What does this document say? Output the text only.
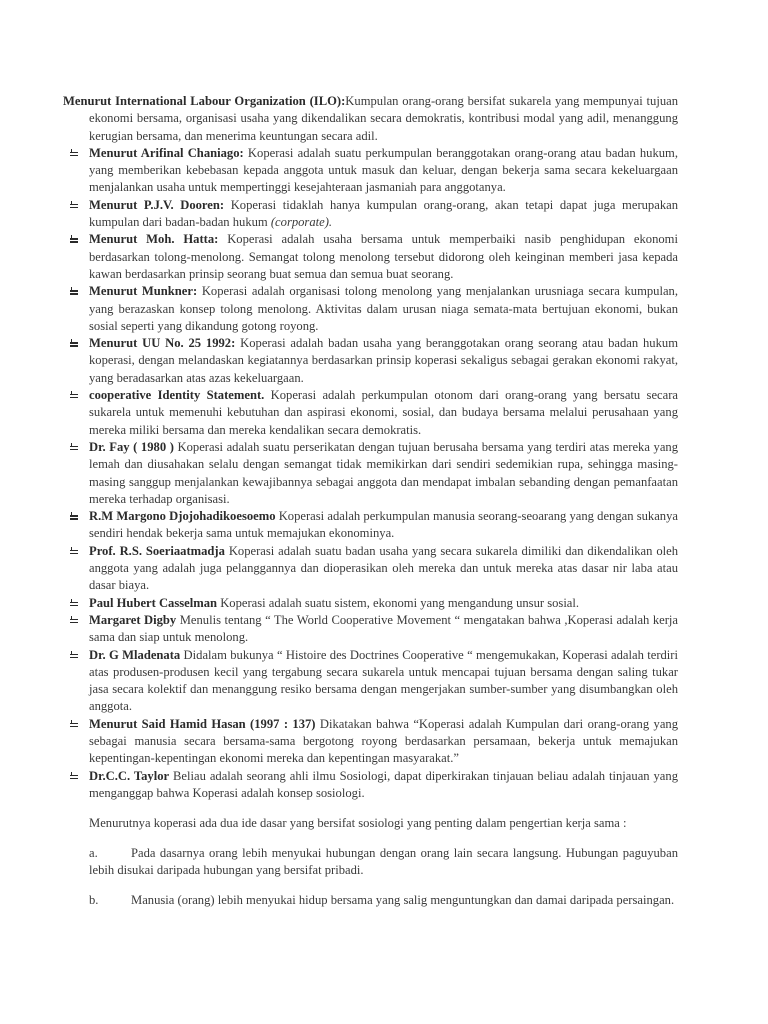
Menurut International Labour Organization (ILO):Kumpulan orang-orang bersifat sukarela yang mempunyai tujuan ekonomi bersama, organisasi usaha yang dikendalikan secara demokratis, kontribusi modal yang adil, menanggung kerugian bersama, dan menerima keuntungan secara adil.

Menurut Arifinal Chaniago: Koperasi adalah suatu perkumpulan beranggotakan orang-orang atau badan hukum, yang memberikan kebebasan kepada anggota untuk masuk dan keluar, dengan bekerja sama secara kekeluargaan menjalankan usaha untuk mempertinggi kesejahteraan jasmaniah para anggotanya.

Menurut P.J.V. Dooren: Koperasi tidaklah hanya kumpulan orang-orang, akan tetapi dapat juga merupakan kumpulan dari badan-badan hukum (corporate).

Menurut Moh. Hatta: Koperasi adalah usaha bersama untuk memperbaiki nasib penghidupan ekonomi berdasarkan tolong-menolong. Semangat tolong menolong tersebut didorong oleh keinginan memberi jasa kepada kawan berdasarkan prinsip seorang buat semua dan semua buat seorang.

Menurut Munkner: Koperasi adalah organisasi tolong menolong yang menjalankan urusniaga secara kumpulan, yang berazaskan konsep tolong menolong. Aktivitas dalam urusan niaga semata-mata bertujuan ekonomi, bukan sosial seperti yang dikandung gotong royong.

Menurut UU No. 25 1992: Koperasi adalah badan usaha yang beranggotakan orang seorang atau badan hukum koperasi, dengan melandaskan kegiatannya berdasarkan prinsip koperasi sekaligus sebagai gerakan ekonomi rakyat, yang beradasarkan atas azas kekeluargaan.

cooperative Identity Statement. Koperasi adalah perkumpulan otonom dari orang-orang yang bersatu secara sukarela untuk memenuhi kebutuhan dan aspirasi ekonomi, sosial, dan budaya bersama melalui perusahaan yang mereka miliki bersama dan mereka kendalikan secara demokratis.

Dr. Fay ( 1980 ) Koperasi adalah suatu perserikatan dengan tujuan berusaha bersama yang terdiri atas mereka yang lemah dan diusahakan selalu dengan semangat tidak memikirkan dari sendiri sedemikian rupa, sehingga masing-masing sanggup menjalankan kewajibannya sebagai anggota dan mendapat imbalan sebanding dengan pemanfaatan mereka terhadap organisasi.

R.M Margono Djojohadikoesoemo Koperasi adalah perkumpulan manusia seorang-seoarang yang dengan sukanya sendiri hendak bekerja sama untuk memajukan ekonominya.

Prof. R.S. Soeriaatmadja Koperasi adalah suatu badan usaha yang secara sukarela dimiliki dan dikendalikan oleh anggota yang adalah juga pelanggannya dan dioperasikan oleh mereka dan untuk mereka atas dasar nir laba atau dasar biaya.

Paul Hubert Casselman Koperasi adalah suatu sistem, ekonomi yang mengandung unsur sosial.

Margaret Digby Menulis tentang “ The World Cooperative Movement “ mengatakan bahwa ,Koperasi adalah kerja sama dan siap untuk menolong.

Dr. G Mladenata Didalam bukunya “ Histoire des Doctrines Cooperative “ mengemukakan, Koperasi adalah terdiri atas produsen-produsen kecil yang tergabung secara sukarela untuk mencapai tujuan bersama dengan saling tukar jasa secara kolektif dan menanggung resiko bersama dengan mengerjakan sumber-sumber yang disumbangkan oleh anggota.

Menurut Said Hamid Hasan (1997 : 137) Dikatakan bahwa “Koperasi adalah Kumpulan dari orang-orang yang sebagai manusia secara bersama-sama bergotong royong berdasarkan persamaan, bekerja untuk memajukan kepentingan-kepentingan ekonomi mereka dan kepentingan masyarakat.”

Dr.C.C. Taylor Beliau adalah seorang ahli ilmu Sosiologi, dapat diperkirakan tinjauan beliau adalah tinjauan yang menganggap bahwa Koperasi adalah konsep sosiologi.

Menurutnya koperasi ada dua ide dasar yang bersifat sosiologi yang penting dalam pengertian kerja sama :

a.	Pada dasarnya orang lebih menyukai hubungan dengan orang lain secara langsung. Hubungan paguyuban lebih disukai daripada hubungan yang bersifat pribadi.

b.	Manusia (orang) lebih menyukai hidup bersama yang salig menguntungkan dan damai daripada persaingan.
